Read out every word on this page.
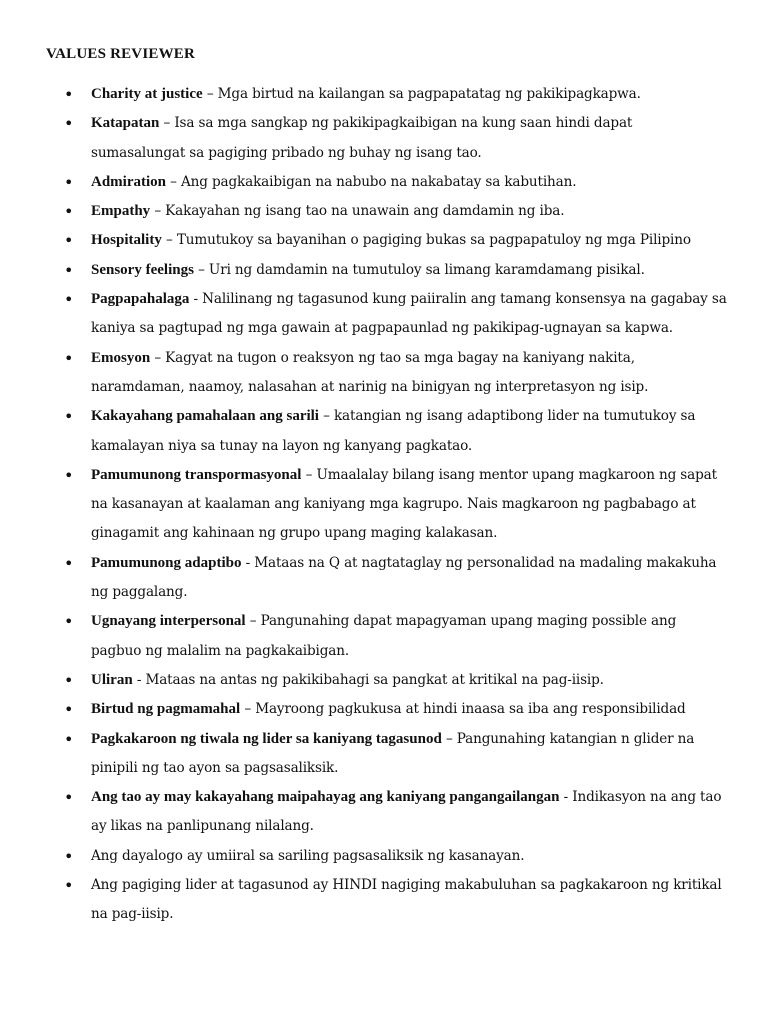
VALUES REVIEWER
• Charity at justice – Mga birtud na kailangan sa pagpapatatag ng pakikipagkapwa.
• Katapatan – Isa sa mga sangkap ng pakikipagkaibigan na kung saan hindi dapat sumasalungat sa pagiging pribado ng buhay ng isang tao.
• Admiration – Ang pagkakaibigan na nabubo na nakabatay sa kabutihan.
• Empathy – Kakayahan ng isang tao na unawain ang damdamin ng iba.
• Hospitality – Tumutukoy sa bayanihan o pagiging bukas sa pagpapatuloy ng mga Pilipino
• Sensory feelings – Uri ng damdamin na tumutuloy sa limang karamdamang pisikal.
• Pagpapahalaga - Nalilinang ng tagasunod kung paiiralin ang tamang konsensya na gagabay sa kaniya sa pagtupad ng mga gawain at pagpapaunlad ng pakikipag-ugnayan sa kapwa.
• Emosyon – Kagyat na tugon o reaksyon ng tao sa mga bagay na kaniyang nakita, naramdaman, naamoy, nalasahan at narinig na binigyan ng interpretasyon ng isip.
• Kakayahang pamahalaan ang sarili – katangian ng isang adaptibong lider na tumutukoy sa kamalayan niya sa tunay na layon ng kanyang pagkatao.
• Pamumunong transpormasyonal – Umaalalay bilang isang mentor upang magkaroon ng sapat na kasanayan at kaalaman ang kaniyang mga kagrupo. Nais magkaroon ng pagbabago at ginagamit ang kahinaan ng grupo upang maging kalakasan.
• Pamumunong adaptibo - Mataas na Q at nagtataglay ng personalidad na madaling makakuha ng paggalang.
• Ugnayang interpersonal – Pangunahing dapat mapagyaman upang maging possible ang pagbuo ng malalim na pagkakaibigan.
• Uliran - Mataas na antas ng pakikibahagi sa pangkat at kritikal na pag-iisip.
• Birtud ng pagmamahal – Mayroong pagkukusa at hindi inaasa sa iba ang responsibilidad
• Pagkakaroon ng tiwala ng lider sa kaniyang tagasunod – Pangunahing katangian n glider na pinipili ng tao ayon sa pagsasaliksik.
• Ang tao ay may kakayahang maipahayag ang kaniyang pangangailangan - Indikasyon na ang tao ay likas na panlipunang nilalang.
• Ang dayalogo ay umiiral sa sariling pagsasaliksik ng kasanayan.
• Ang pagiging lider at tagasunod ay HINDI nagiging makabuluhan sa pagkakaroon ng kritikal na pag-iisip.
